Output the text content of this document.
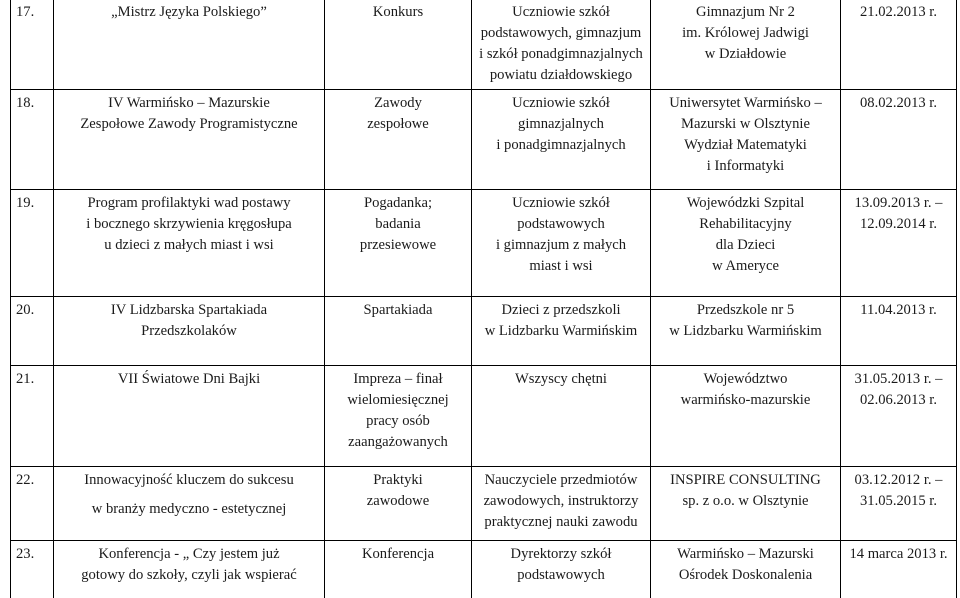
17.	„Mistrz Języka Polskiego”	Konkurs	Uczniowie szkół
podstawowych, gimnazjum
i szkół ponadgimnazjalnych
powiatu działdowskiego	Gimnazjum Nr 2
im. Królowej Jadwigi
w Działdowie	21.02.2013 r.

18.	IV Warmińsko – Mazurskie
Zespołowe Zawody Programistyczne	Zawody
zespołowe	Uczniowie szkół
gimnazjalnych
i ponadgimnazjalnych	Uniwersytet Warmińsko –
Mazurski w Olsztynie
Wydział Matematyki
i Informatyki	08.02.2013 r.

19.	Program profilaktyki wad postawy
i bocznego skrzywienia kręgosłupa
u dzieci z małych miast i wsi	Pogadanka;
badania
przesiewowe	Uczniowie szkół
podstawowych
i gimnazjum z małych
miast i wsi	Wojewódzki Szpital
Rehabilitacyjny
dla Dzieci
w Ameryce	13.09.2013 r. –
12.09.2014 r.

20.	IV Lidzbarska Spartakiada
Przedszkolaków	Spartakiada	Dzieci z przedszkoli
w Lidzbarku Warmińskim	Przedszkole nr 5
w Lidzbarku Warmińskim	11.04.2013 r.

21.	VII Światowe Dni Bajki	Impreza – finał
wielomiesięcznej
pracy osób
zaangażowanych	Wszyscy chętni	Województwo
warmińsko-mazurskie	31.05.2013 r. –
02.06.2013 r.

22.	Innowacyjność kluczem do sukcesu
w branży medyczno - estetycznej	Praktyki
zawodowe	Nauczyciele przedmiotów
zawodowych, instruktorzy
praktycznej nauki zawodu	INSPIRE CONSULTING
sp. z o.o. w Olsztynie	03.12.2012 r. –
31.05.2015 r.

23.	Konferencja - „ Czy jestem już
gotowy do szkoły, czyli jak wspierać	Konferencja	Dyrektorzy szkół
podstawowych	Warmińsko – Mazurski
Ośrodek Doskonalenia	14 marca 2013 r.
